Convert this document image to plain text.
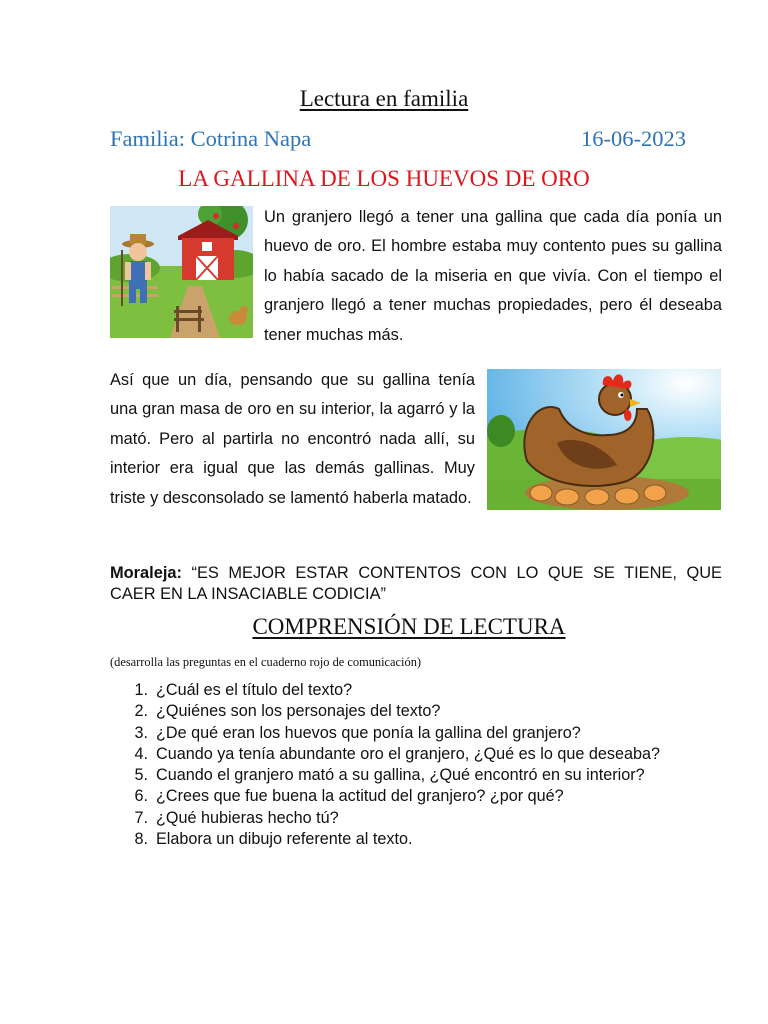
Lectura en familia
Familia: Cotrina Napa	16-06-2023
LA GALLINA DE LOS HUEVOS DE ORO
Un granjero llegó a tener una gallina que cada día ponía un huevo de oro. El hombre estaba muy contento pues su gallina lo había sacado de la miseria en que vivía. Con el tiempo el granjero llegó a tener muchas propiedades, pero él deseaba tener muchas más.
Así que un día, pensando que su gallina tenía una gran masa de oro en su interior, la agarró y la mató. Pero al partirla no encontró nada allí, su interior era igual que las demás gallinas. Muy triste y desconsolado se lamentó haberla matado.
Moraleja: “ES MEJOR ESTAR CONTENTOS CON LO QUE SE TIENE, QUE CAER EN LA INSACIABLE CODICIA”
COMPRENSIÓN DE LECTURA
(desarrolla las preguntas en el cuaderno rojo de comunicación)
1. ¿Cuál es el título del texto?
2. ¿Quiénes son los personajes del texto?
3. ¿De qué eran los huevos que ponía la gallina del granjero?
4. Cuando ya tenía abundante oro el granjero, ¿Qué es lo que deseaba?
5. Cuando el granjero mató a su gallina, ¿Qué encontró en su interior?
6. ¿Crees que fue buena la actitud del granjero? ¿por qué?
7. ¿Qué hubieras hecho tú?
8. Elabora un dibujo referente al texto.
